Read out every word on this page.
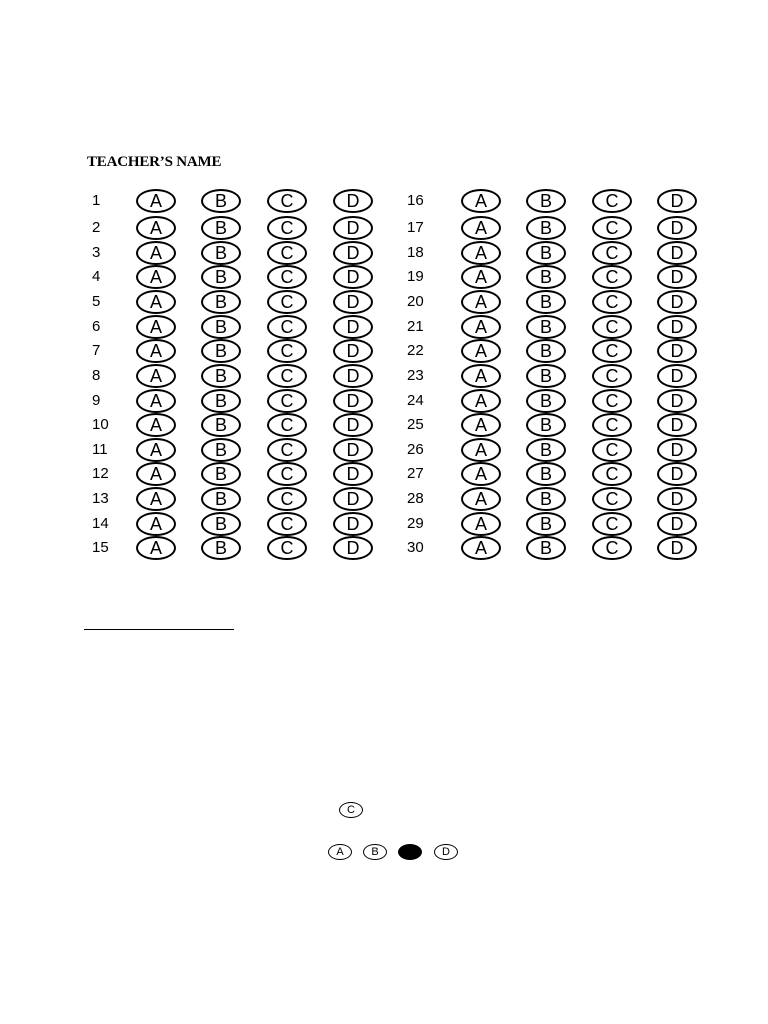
TEACHER’S NAME
1	A	B	C	D
2	A	B	C	D
3	A	B	C	D
4	A	B	C	D
5	A	B	C	D
6	A	B	C	D
7	A	B	C	D
8	A	B	C	D
9	A	B	C	D
10	A	B	C	D
11	A	B	C	D
12	A	B	C	D
13	A	B	C	D
14	A	B	C	D
15	A	B	C	D
16	A	B	C	D
17	A	B	C	D
18	A	B	C	D
19	A	B	C	D
20	A	B	C	D
21	A	B	C	D
22	A	B	C	D
23	A	B	C	D
24	A	B	C	D
25	A	B	C	D
26	A	B	C	D
27	A	B	C	D
28	A	B	C	D
29	A	B	C	D
30	A	B	C	D
C
A	B	C	D
